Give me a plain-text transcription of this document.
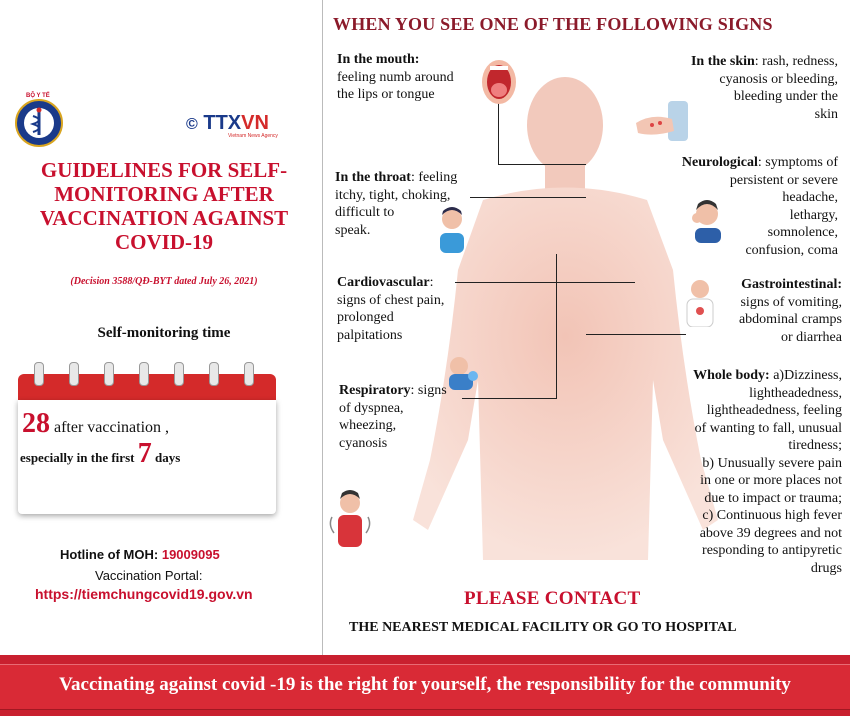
BỘ Y TẾ
© TTXVN
Vietnam News Agency
GUIDELINES FOR SELF-MONITORING AFTER VACCINATION AGAINST COVID-19
(Decision 3588/QĐ-BYT dated July 26, 2021)
Self-monitoring time
28 after vaccination ,
especially in the first 7 days
Hotline of MOH: 19009095
Vaccination Portal:
https://tiemchungcovid19.gov.vn
WHEN YOU SEE ONE OF THE FOLLOWING SIGNS
In the mouth:
feeling numb around
the lips or tongue
In the throat: feeling
itchy, tight, choking,
difficult to
speak.
Cardiovascular:
signs of chest pain,
prolonged
palpitations
Respiratory: signs
of dyspnea,
wheezing,
cyanosis
In the skin: rash, redness,
cyanosis or bleeding,
bleeding under the
skin
Neurological: symptoms of
persistent or severe
headache,
lethargy,
somnolence,
confusion, coma
Gastrointestinal:
signs of vomiting,
abdominal cramps
or diarrhea
Whole body: a)Dizziness,
lightheadedness,
lightheadedness, feeling
of wanting to fall, unusual
tiredness;
b) Unusually severe pain
in one or more places not
due to impact or trauma;
c) Continuous high fever
above 39 degrees and not
responding to antipyretic
drugs
PLEASE CONTACT
THE NEAREST MEDICAL FACILITY OR GO TO HOSPITAL
Vaccinating against covid -19 is the right for yourself, the responsibility for the community
